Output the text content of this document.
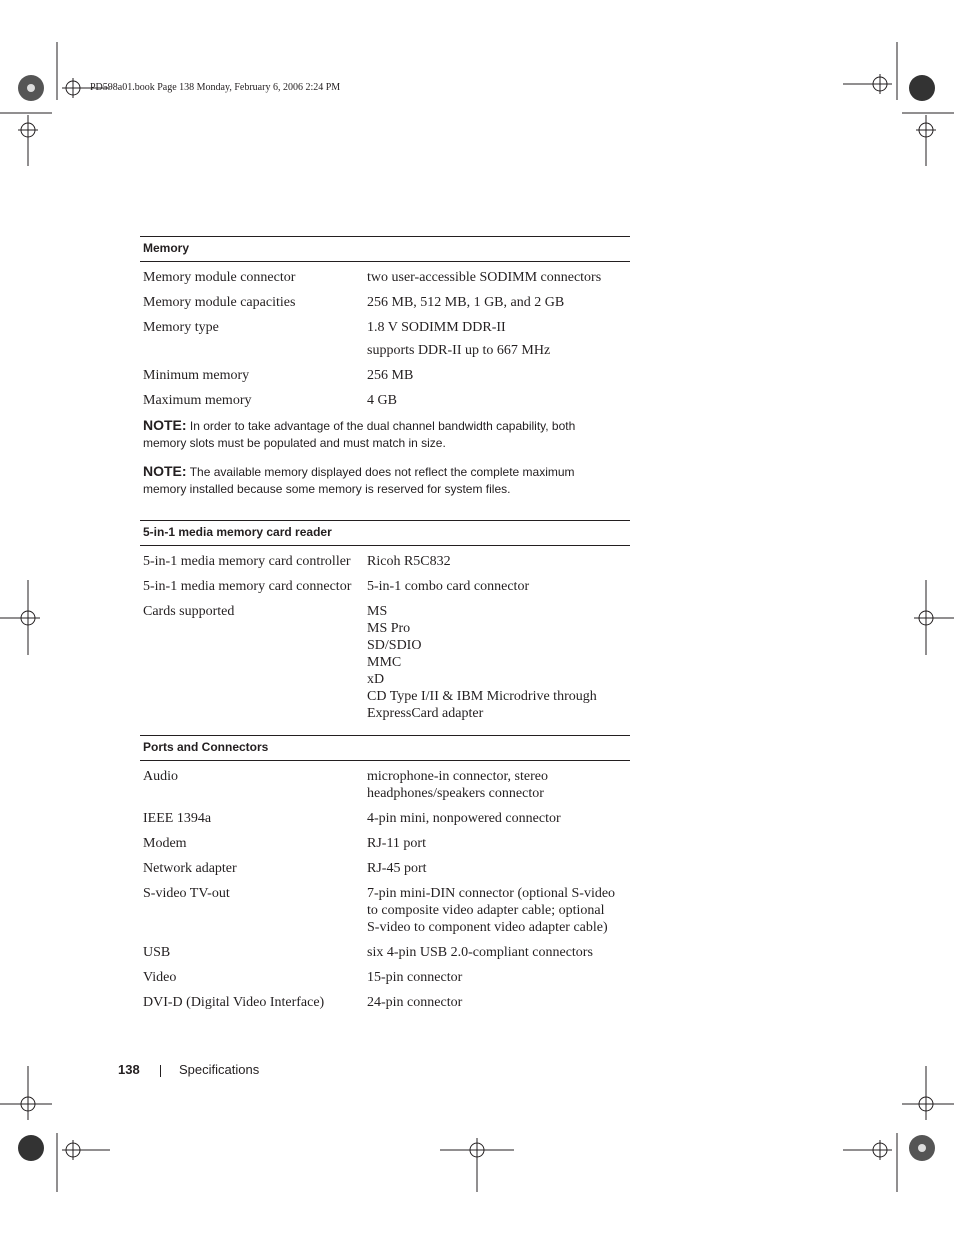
PD598a01.book Page 138 Monday, February 6, 2006 2:24 PM
Memory
Memory module connector	two user-accessible SODIMM connectors
Memory module capacities	256 MB, 512 MB, 1 GB, and 2 GB
Memory type	1.8 V SODIMM DDR-II
supports DDR-II up to 667 MHz
Minimum memory	256 MB
Maximum memory	4 GB
NOTE: In order to take advantage of the dual channel bandwidth capability, both memory slots must be populated and must match in size.
NOTE: The available memory displayed does not reflect the complete maximum memory installed because some memory is reserved for system files.
5-in-1 media memory card reader
5-in-1 media memory card controller	Ricoh R5C832
5-in-1 media memory card connector	5-in-1 combo card connector
Cards supported	MS
MS Pro
SD/SDIO
MMC
xD
CD Type I/II & IBM Microdrive through
ExpressCard adapter
Ports and Connectors
Audio	microphone-in connector, stereo
headphones/speakers connector
IEEE 1394a	4-pin mini, nonpowered connector
Modem	RJ-11 port
Network adapter	RJ-45 port
S-video TV-out	7-pin mini-DIN connector (optional S-video
to composite video adapter cable; optional
S-video to component video adapter cable)
USB	six 4-pin USB 2.0-compliant connectors
Video	15-pin connector
DVI-D (Digital Video Interface)	24-pin connector
138	Specifications
